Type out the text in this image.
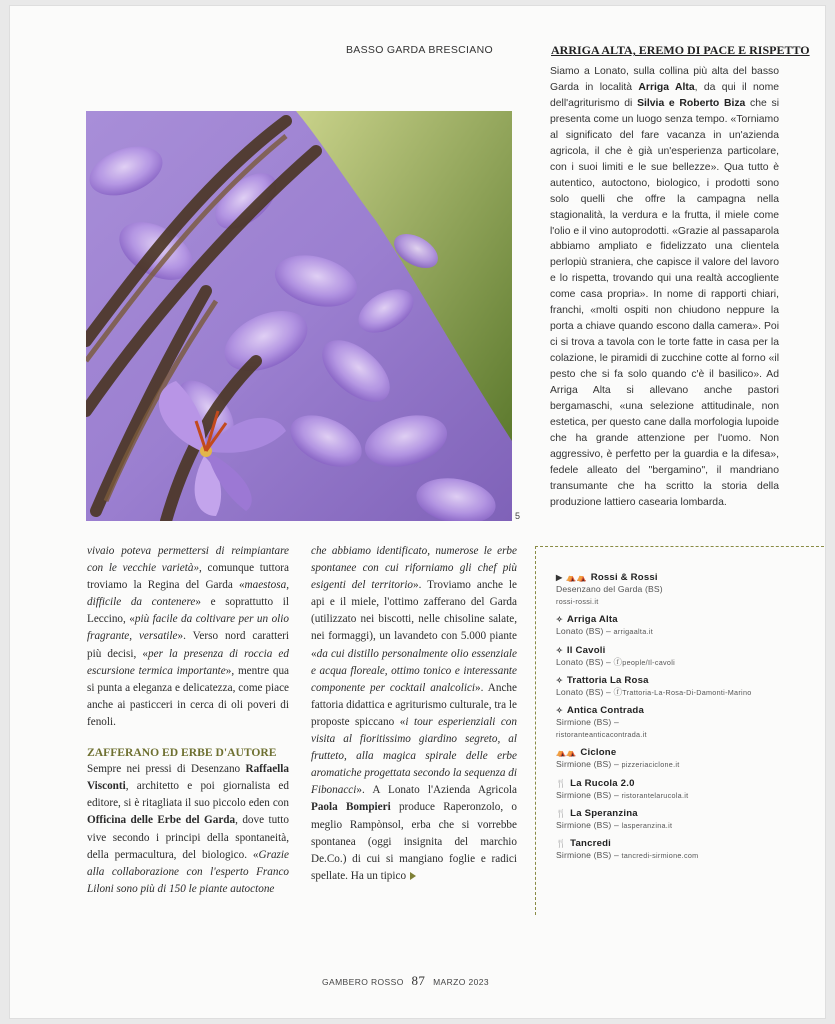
BASSO GARDA BRESCIANO	ARRIGA ALTA, EREMO DI PACE E RISPETTO
Siamo a Lonato, sulla collina più alta del basso Garda in località Arriga Alta, da qui il nome dell'agriturismo di Silvia e Roberto Biza che si presenta come un luogo senza tempo. «Torniamo al significato del fare vacanza in un'azienda agricola, il che è già un'esperienza particolare, con i suoi limiti e le sue bellezze». Qua tutto è autentico, autoctono, biologico, i prodotti sono solo quelli che offre la campagna nella stagionalità, la verdura e la frutta, il miele come l'olio e il vino autoprodotti. «Grazie al passaparola abbiamo ampliato e fidelizzato una clientela perlopiù straniera, che capisce il valore del lavoro e lo rispetta, trovando qui una realtà accogliente come casa propria». In nome di rapporti chiari, franchi, «molti ospiti non chiudono neppure la porta a chiave quando escono dalla camera». Poi ci si trova a tavola con le torte fatte in casa per la colazione, le piramidi di zucchine cotte al forno «il pesto che si fa solo quando c'è il basilico». Ad Arriga Alta si allevano anche pastori bergamaschi, «una selezione attitudinale, non estetica, per questo cane dalla morfologia lupoide che ha grande attenzione per l'uomo. Non aggressivo, è perfetto per la guardia e la difesa», fedele alleato del "bergamino", il mandriano transumante che ha scritto la storia della produzione lattiero casearia lombarda.
5
vivaio poteva permettersi di reimpiantare con le vecchie varietà», comunque tuttora troviamo la Regina del Garda «maestosa, difficile da contenere» e soprattutto il Leccino, «più facile da coltivare per un olio fragrante, versatile». Verso nord caratteri più decisi, «per la presenza di roccia ed escursione termica importante», mentre qua si punta a eleganza e delicatezza, come piace anche ai pasticceri in cerca di oli poveri di fenoli.
ZAFFERANO ED ERBE D'AUTORE
Sempre nei pressi di Desenzano Raffaella Visconti, architetto e poi giornalista ed editore, si è ritagliata il suo piccolo eden con Officina delle Erbe del Garda, dove tutto vive secondo i principi della spontaneità, della permacultura, del biologico. «Grazie alla collaborazione con l'esperto Franco Liloni sono più di 150 le piante autoctone
che abbiamo identificato, numerose le erbe spontanee con cui riforniamo gli chef più esigenti del territorio». Troviamo anche le api e il miele, l'ottimo zafferano del Garda (utilizzato nei biscotti, nelle chisoline salate, nei formaggi), un lavandeto con 5.000 piante «da cui distillo personalmente olio essenziale e acqua floreale, ottimo tonico e interessante componente per cocktail analcolici». Anche fattoria didattica e agriturismo culturale, tra le proposte spiccano «i tour esperienziali con visita al fioritissimo giardino segreto, al frutteto, alla magica spirale delle erbe aromatiche progettata secondo la sequenza di Fibonacci». A Lonato l'Azienda Agricola Paola Bompieri produce Raperonzolo, o meglio Rampònsol, erba che si vorrebbe spontanea (oggi insignita del marchio De.Co.) di cui si mangiano foglie e radici spellate. Ha un tipico
▶ ⛺⛺ Rossi & Rossi
Desenzano del Garda (BS)
rossi-rossi.it
✧ Arriga Alta
Lonato (BS) – arrigaalta.it
✧ Il Cavoli
Lonato (BS) – ⓕpeople/Il-cavoli
✧ Trattoria La Rosa
Lonato (BS) – ⓕTrattoria-La-Rosa-Di-Damonti-Marino
✧ Antica Contrada
Sirmione (BS) –
ristoranteanticacontrada.it
⛺⛺ Ciclone
Sirmione (BS) – pizzeriaciclone.it
🍴 La Rucola 2.0
Sirmione (BS) – ristorantelarucola.it
🍴 La Speranzina
Sirmione (BS) – lasperanzina.it
🍴 Tancredi
Sirmione (BS) – tancredi-sirmione.com
GAMBERO ROSSO 87 MARZO 2023
